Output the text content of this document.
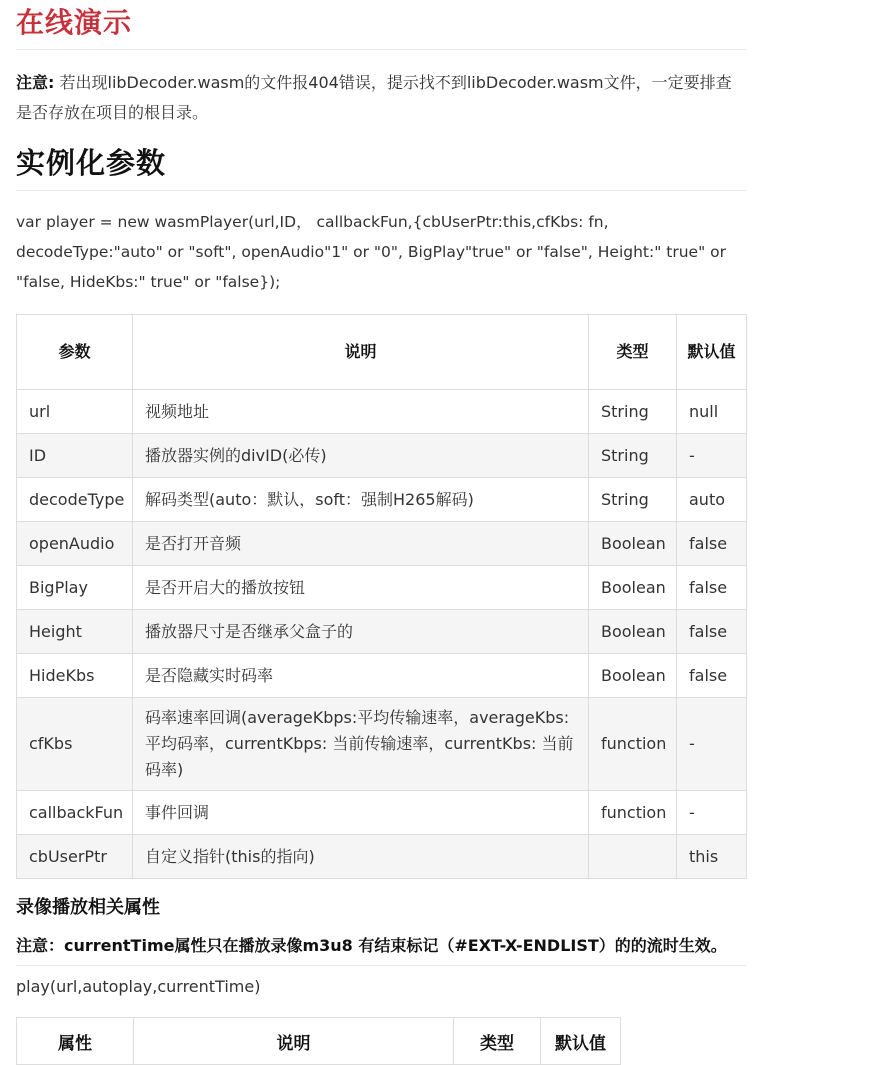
在线演示

注意: 若出现libDecoder.wasm的文件报404错误，提示找不到libDecoder.wasm文件，一定要排查是否存放在项目的根目录。

实例化参数

var player = new wasmPlayer(url,ID， callbackFun,{cbUserPtr:this,cfKbs: fn, decodeType:"auto" or "soft", openAudio"1" or "0", BigPlay"true" or "false", Height:" true" or "false, HideKbs:" true" or "false});

参数	说明	类型	默认值
url	视频地址	String	null
ID	播放器实例的divID(必传)	String	-
decodeType	解码类型(auto：默认，soft：强制H265解码)	String	auto
openAudio	是否打开音频	Boolean	false
BigPlay	是否开启大的播放按钮	Boolean	false
Height	播放器尺寸是否继承父盒子的	Boolean	false
HideKbs	是否隐藏实时码率	Boolean	false
cfKbs	码率速率回调(averageKbps:平均传输速率，averageKbs: 平均码率，currentKbps: 当前传输速率，currentKbs: 当前码率)	function	-
callbackFun	事件回调	function	-
cbUserPtr	自定义指针(this的指向)		this
录像播放相关属性

注意：currentTime属性只在播放录像m3u8 有结束标记（#EXT-X-ENDLIST）的的流时生效。

play(url,autoplay,currentTime)

属性	说明	类型	默认值
